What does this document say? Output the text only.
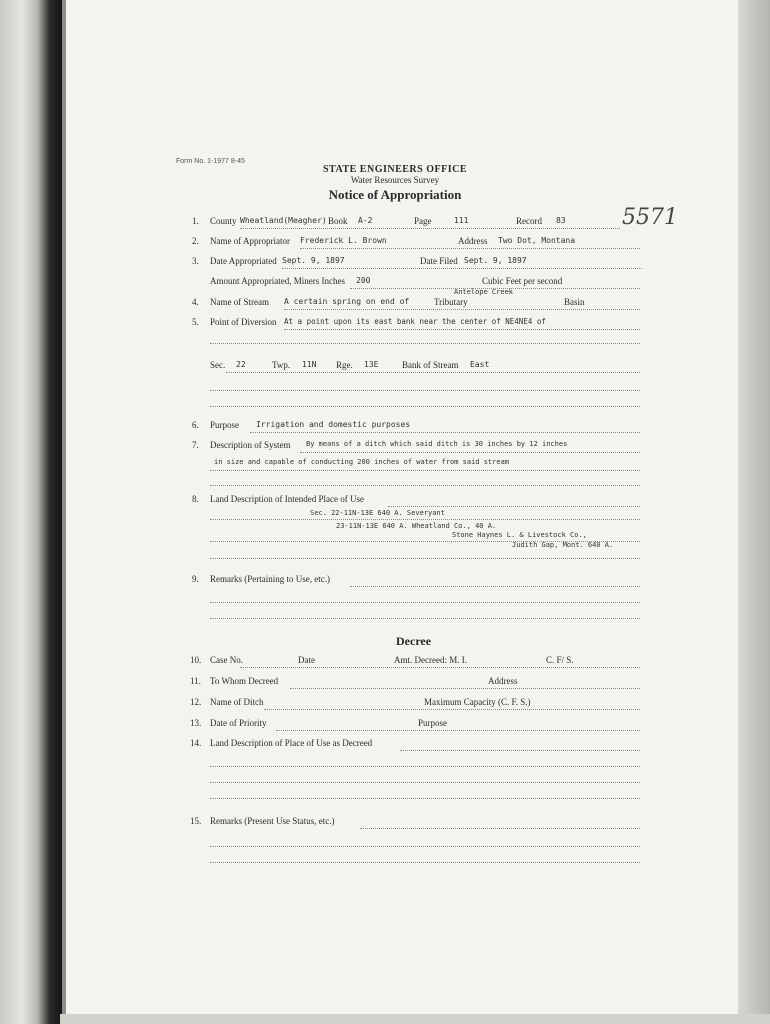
Form No. 1-1977 8-45
5571
STATE ENGINEERS OFFICE
Water Resources Survey
Notice of Appropriation
1. County Wheatland(Meagher) Book A-2	Page	111	Record 83
2. Name of Appropriator Frederick L. Brown	Address Two Dot, Montana
3. Date Appropriated Sept. 9, 1897	Date Filed Sept. 9, 1897
Amount Appropriated, Miners Inches 200	Cubic Feet per second
Antelope Creek
4. Name of Stream A certain spring on end of	Tributary	Basin
5. Point of Diversion At a point upon its east bank near the center of NE4NE4 of
Sec. 22	Twp. 11N Rge. 13E	Bank of Stream East
6. Purpose Irrigation and domestic purposes
7. Description of System By means of a ditch which said ditch is 30 inches by 12 inches
in size and capable of conducting 200 inches of water from said stream
8. Land Description of Intended Place of Use
Sec. 22-11N-13E 640 A. Severyant
23-11N-13E 640 A. Wheatland Co., 40 A.
Stone Haynes L. & Livestock Co.,
Judith Gap, Mont. 640 A.
9. Remarks (Pertaining to Use, etc.)
Decree
10. Case No.	Date	Amt. Decreed: M. I.	C. F/ S.
11. To Whom Decreed	Address
12. Name of Ditch	Maximum Capacity (C. F. S.)
13. Date of Priority	Purpose
14. Land Description of Place of Use as Decreed
15. Remarks (Present Use Status, etc.)
